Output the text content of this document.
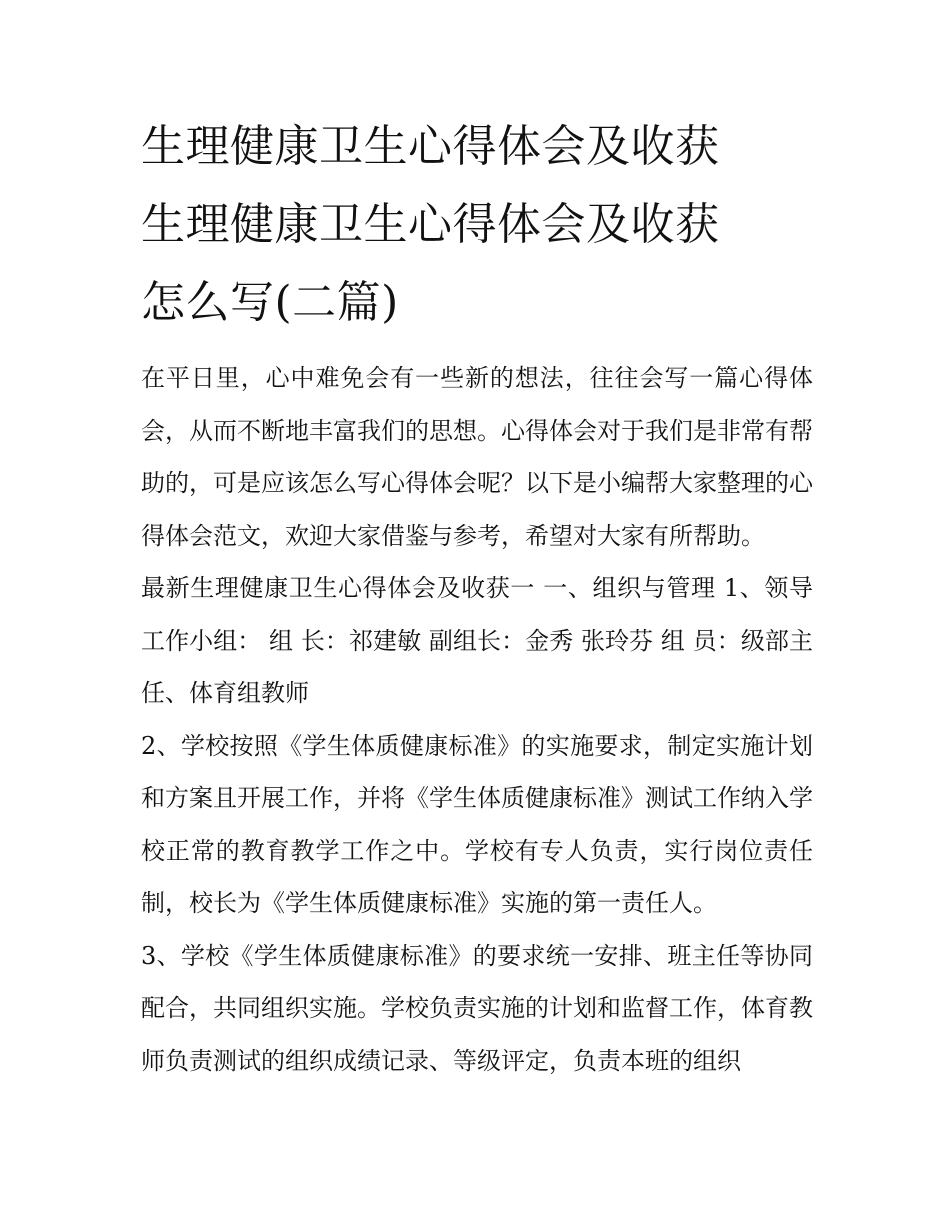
生理健康卫生心得体会及收获
生理健康卫生心得体会及收获
怎么写(二篇)

在平日里，心中难免会有一些新的想法，往往会写一篇心得体会，从而不断地丰富我们的思想。心得体会对于我们是非常有帮助的，可是应该怎么写心得体会呢？以下是小编帮大家整理的心得体会范文，欢迎大家借鉴与参考，希望对大家有所帮助。

最新生理健康卫生心得体会及收获一 一、组织与管理 1、领导工作小组： 组 长：祁建敏 副组长：金秀 张玲芬 组 员：级部主任、体育组教师

2、学校按照《学生体质健康标准》的实施要求，制定实施计划和方案且开展工作，并将《学生体质健康标准》测试工作纳入学校正常的教育教学工作之中。学校有专人负责，实行岗位责任制，校长为《学生体质健康标准》实施的第一责任人。

3、学校《学生体质健康标准》的要求统一安排、班主任等协同配合，共同组织实施。学校负责实施的计划和监督工作，体育教师负责测试的组织成绩记录、等级评定，负责本班的组织
